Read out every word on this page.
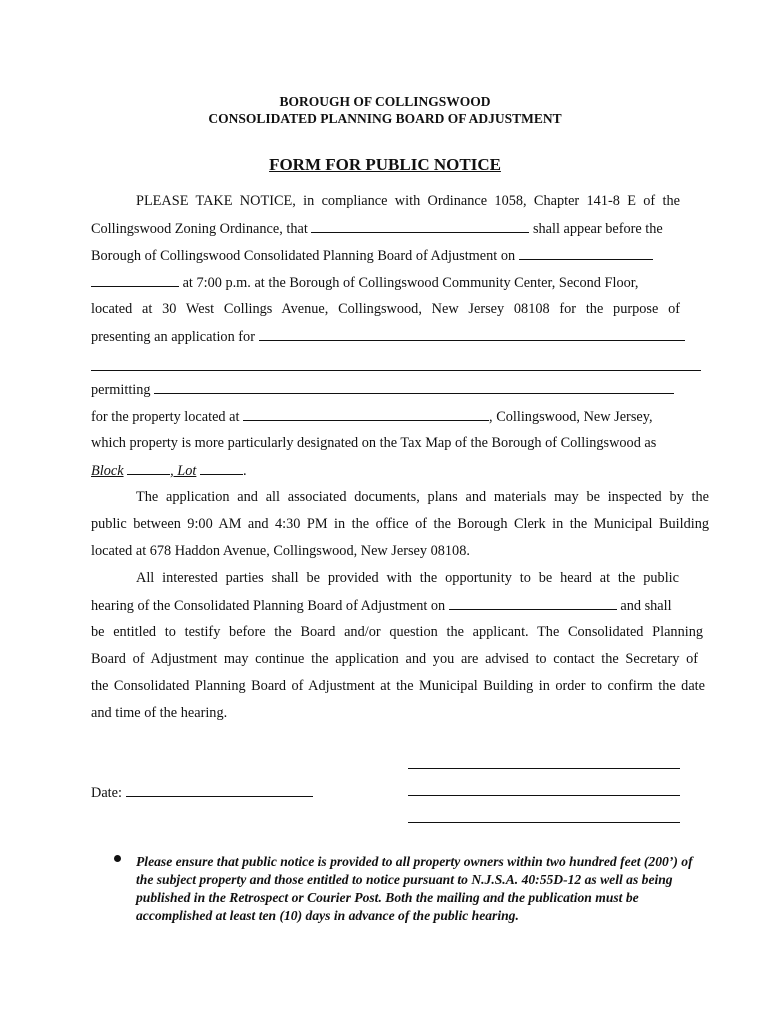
BOROUGH OF COLLINGSWOOD
CONSOLIDATED PLANNING BOARD OF ADJUSTMENT
FORM FOR PUBLIC NOTICE
PLEASE TAKE NOTICE, in compliance with Ordinance 1058, Chapter 141-8 E of the
Collingswood Zoning Ordinance, that	shall appear before the
Borough of Collingswood Consolidated Planning Board of Adjustment on
at 7:00 p.m. at the Borough of Collingswood Community Center, Second Floor,
located at 30 West Collings Avenue, Collingswood, New Jersey 08108 for the purpose of
presenting an application for
permitting
for the property located at	, Collingswood, New Jersey,
which property is more particularly designated on the Tax Map of the Borough of Collingswood as
Block	, Lot	.
The application and all associated documents, plans and materials may be inspected by the
public between 9:00 AM and 4:30 PM in the office of the Borough Clerk in the Municipal Building
located at 678 Haddon Avenue, Collingswood, New Jersey 08108.
All interested parties shall be provided with the opportunity to be heard at the public
hearing of the Consolidated Planning Board of Adjustment on	and shall
be entitled to testify before the Board and/or question the applicant. The Consolidated Planning
Board of Adjustment may continue the application and you are advised to contact the Secretary of
the Consolidated Planning Board of Adjustment at the Municipal Building in order to confirm the date
and time of the hearing.
Date:
Please ensure that public notice is provided to all property owners within two hundred feet (200’) of the subject property and those entitled to notice pursuant to N.J.S.A. 40:55D-12 as well as being published in the Retrospect or Courier Post. Both the mailing and the publication must be accomplished at least ten (10) days in advance of the public hearing.
